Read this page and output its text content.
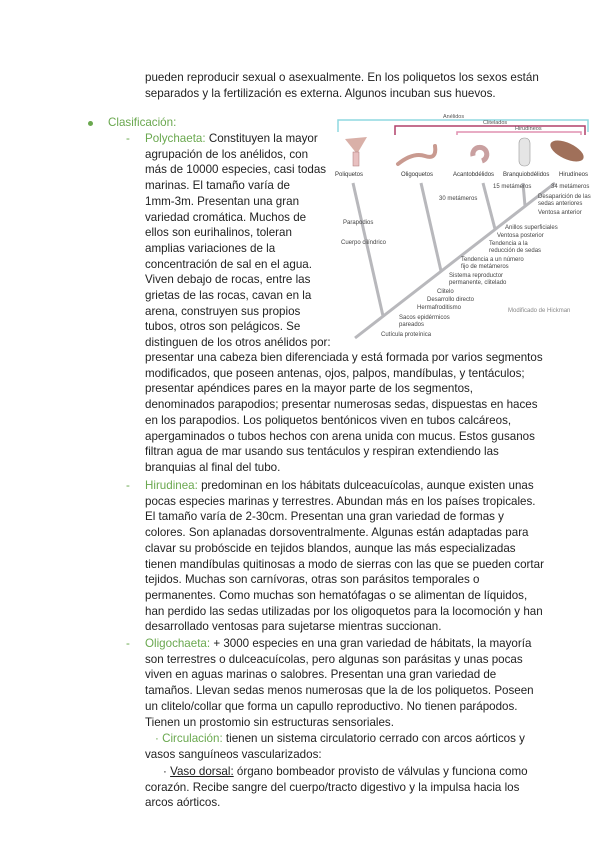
pueden reproducir sexual o asexualmente. En los poliquetos los sexos están
separados y la fertilización es externa. Algunos incuban sus huevos.
Clasificación:
- Polychaeta: Constituyen la mayor
agrupación de los anélidos, con
más de 10000 especies, casi todas
marinas. El tamaño varía de
1mm-3m. Presentan una gran
variedad cromática. Muchos de
ellos son eurihalinos, toleran
amplias variaciones de la
concentración de sal en el agua.
Viven debajo de rocas, entre las
grietas de las rocas, cavan en la
arena, construyen sus propios
tubos, otros son pelágicos. Se
distinguen de los otros anélidos por:
presentar una cabeza bien diferenciada y está formada por varios segmentos
modificados, que poseen antenas, ojos, palpos, mandíbulas, y tentáculos;
presentar apéndices pares en la mayor parte de los segmentos,
denominados parapodios; presentar numerosas sedas, dispuestas en haces
en los parapodios. Los poliquetos bentónicos viven en tubos calcáreos,
apergaminados o tubos hechos con arena unida con mucus. Estos gusanos
filtran agua de mar usando sus tentáculos y respiran extendiendo las
branquias al final del tubo.
- Hirudinea: predominan en los hábitats dulceacuícolas, aunque existen unas
pocas especies marinas y terrestres. Abundan más en los países tropicales.
El tamaño varía de 2-30cm. Presentan una gran variedad de formas y
colores. Son aplanadas dorsoventralmente. Algunas están adaptadas para
clavar su probóscide en tejidos blandos, aunque las más especializadas
tienen mandíbulas quitinosas a modo de sierras con las que se pueden cortar
tejidos. Muchas son carnívoras, otras son parásitos temporales o
permanentes. Como muchas son hematófagas o se alimentan de líquidos,
han perdido las sedas utilizadas por los oligoquetos para la locomoción y han
desarrollado ventosas para sujetarse mientras succionan.
- Oligochaeta: + 3000 especies en una gran variedad de hábitats, la mayoría
son terrestres o dulceacuícolas, pero algunas son parásitas y unas pocas
viven en aguas marinas o salobres. Presentan una gran variedad de
tamaños. Llevan sedas menos numerosas que la de los poliquetos. Poseen
un clitelo/collar que forma un capullo reproductivo. No tienen parápodos.
Tienen un prostomio sin estructuras sensoriales.
· Circulación: tienen un sistema circulatorio cerrado con arcos aórticos y
vasos sanguíneos vascularizados:
· Vaso dorsal: órgano bombeador provisto de válvulas y funciona como
corazón. Recibe sangre del cuerpo/tracto digestivo y la impulsa hacia los
arcos aórticos.
Anélidos
Clitelados
Hirudíneos
Poliquetos	Oligoquetos	Acantobdélidos Branquiobdélidos Hirudíneos
Parapodios
Cuerpo cilíndrico
34 metámeros
15 metámeros
30 metámeros	Desaparición de las sedas anteriores
Ventosa anterior
Anillos superficiales
Ventosa posterior
Tendencia a la reducción de sedas
Tendencia a un número fijo de metámeros
Sistema reproductor permanente, clitelado
Clitelo
Desarrollo directo
Hermafroditismo
Sacos epidérmicos pareados
Cutícula proteínica
Modificado de Hickman
